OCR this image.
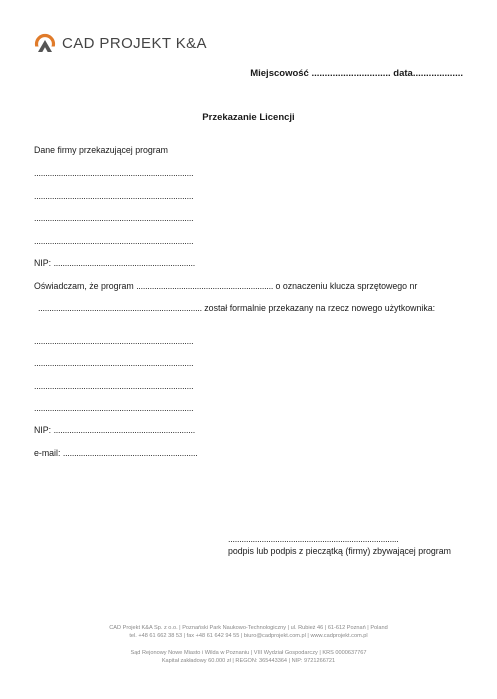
CAD PROJEKT K&A
Miejscowość .............................. data...................
Przekazanie Licencji
Dane firmy przekazującej program
.......................................................................
.......................................................................
.......................................................................
.......................................................................
NIP: ...............................................................
Oświadczam, że program ............................................................. o oznaczeniu klucza sprzętowego nr
......................................................................... został formalnie przekazany na rzecz nowego użytkownika:
.......................................................................
.......................................................................
.......................................................................
.......................................................................
NIP: ...............................................................
e-mail: ............................................................
............................................................................
podpis lub podpis z pieczątką (firmy) zbywającej program
CAD Projekt K&A Sp. z o.o. | Poznański Park Naukowo-Technologiczny | ul. Rubież 46 | 61-612 Poznań | Poland
tel. +48 61 662 38 53 | fax +48 61 642 94 55 | biuro@cadprojekt.com.pl | www.cadprojekt.com.pl
Sąd Rejonowy Nowe Miasto i Wilda w Poznaniu | VIII Wydział Gospodarczy | KRS 0000637767
Kapitał zakładowy 60.000 zł | REGON: 365443364 | NIP: 9721266721
